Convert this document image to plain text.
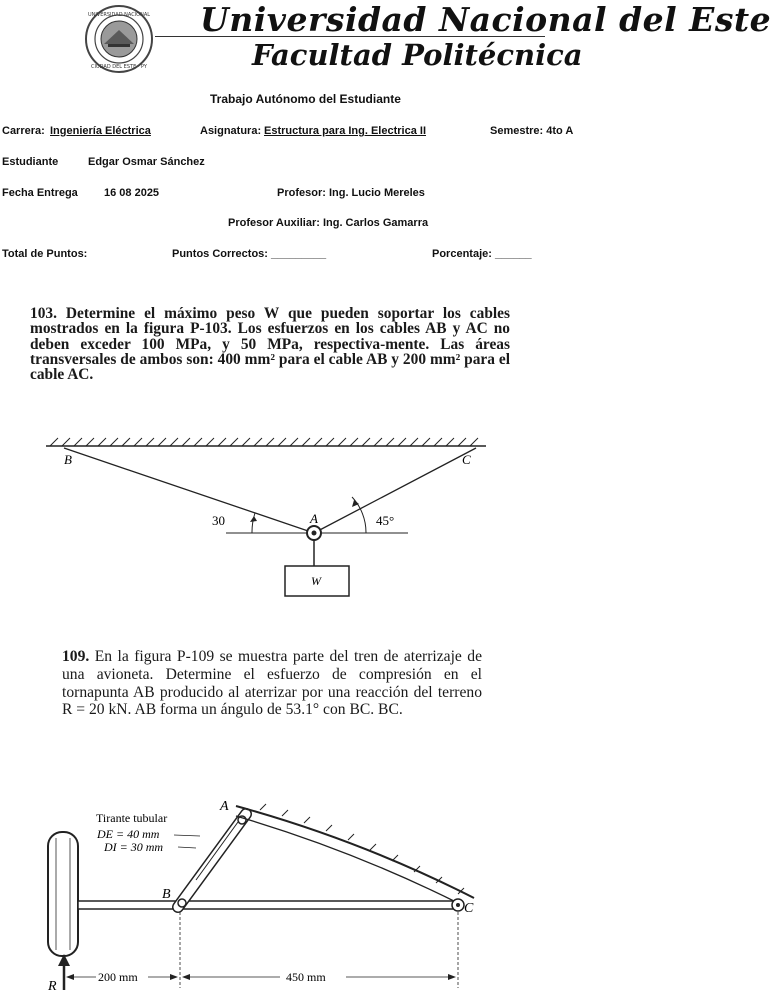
UNIVERSIDAD NACIONAL
CIUDAD DEL ESTE · PY
Universidad Nacional del Este
Facultad Politécnica
Trabajo Autónomo del Estudiante
Carrera: Ingeniería Eléctrica	Asignatura: Estructura para Ing. Electrica II	Semestre: 4to A
Estudiante	Edgar Osmar Sánchez
Fecha Entrega 16 08 2025	Profesor: Ing. Lucio Mereles
Profesor Auxiliar: Ing. Carlos Gamarra
Total de Puntos:	Puntos Correctos: _________	Porcentaje: ______
103. Determine el máximo peso W que pueden soportar los cables mostrados en la figura P-103. Los esfuerzos en los cables AB y AC no deben exceder 100 MPa, y 50 MPa, respectiva-mente. Las áreas transversales de ambos son: 400 mm² para el cable AB y 200 mm² para el cable AC.
B	C
A
W
30	45°
109. En la figura P-109 se muestra parte del tren de aterrizaje de una avioneta. Determine el esfuerzo de compresión en el tornapunta AB producido al aterrizar por una reacción del terreno R = 20 kN. AB forma un ángulo de 53.1° con BC. BC.
A
B
C
R
Tirante tubular
DE = 40 mm
DI = 30 mm
200 mm	450 mm
